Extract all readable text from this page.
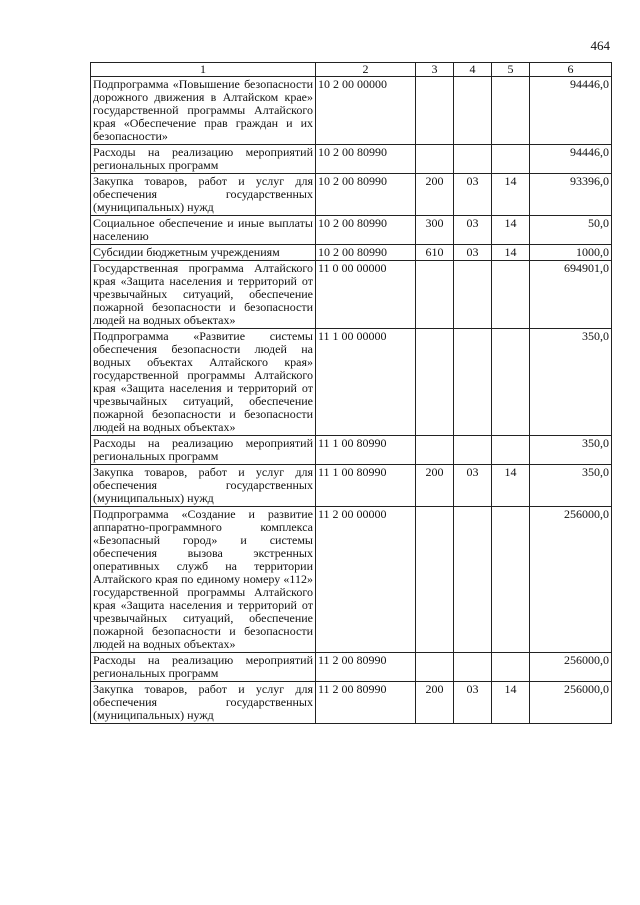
464
1	2	3	4	5	6
Подпрограмма «Повышение безопасности дорожного движения в Алтайском крае» государственной программы Алтайского края «Обеспечение прав граждан и их безопасности»	10 2 00 00000				94446,0
Расходы на реализацию мероприятий региональных программ	10 2 00 80990				94446,0
Закупка товаров, работ и услуг для обеспечения государственных (муниципальных) нужд	10 2 00 80990	200	03	14	93396,0
Социальное обеспечение и иные выплаты населению	10 2 00 80990	300	03	14	50,0
Субсидии бюджетным учреждениям	10 2 00 80990	610	03	14	1000,0
Государственная программа Алтайского края «Защита населения и территорий от чрезвычайных ситуаций, обеспечение пожарной безопасности и безопасности людей на водных объектах»	11 0 00 00000				694901,0
Подпрограмма «Развитие системы обеспечения безопасности людей на водных объектах Алтайского края» государственной программы Алтайского края «Защита населения и территорий от чрезвычайных ситуаций, обеспечение пожарной безопасности и безопасности людей на водных объектах»	11 1 00 00000				350,0
Расходы на реализацию мероприятий региональных программ	11 1 00 80990				350,0
Закупка товаров, работ и услуг для обеспечения государственных (муниципальных) нужд	11 1 00 80990	200	03	14	350,0
Подпрограмма «Создание и развитие аппаратно-программного комплекса «Безопасный город» и системы обеспечения вызова экстренных оперативных служб на территории Алтайского края по единому номеру «112» государственной программы Алтайского края «Защита населения и территорий от чрезвычайных ситуаций, обеспечение пожарной безопасности и безопасности людей на водных объектах»	11 2 00 00000				256000,0
Расходы на реализацию мероприятий региональных программ	11 2 00 80990				256000,0
Закупка товаров, работ и услуг для обеспечения государственных (муниципальных) нужд	11 2 00 80990	200	03	14	256000,0
